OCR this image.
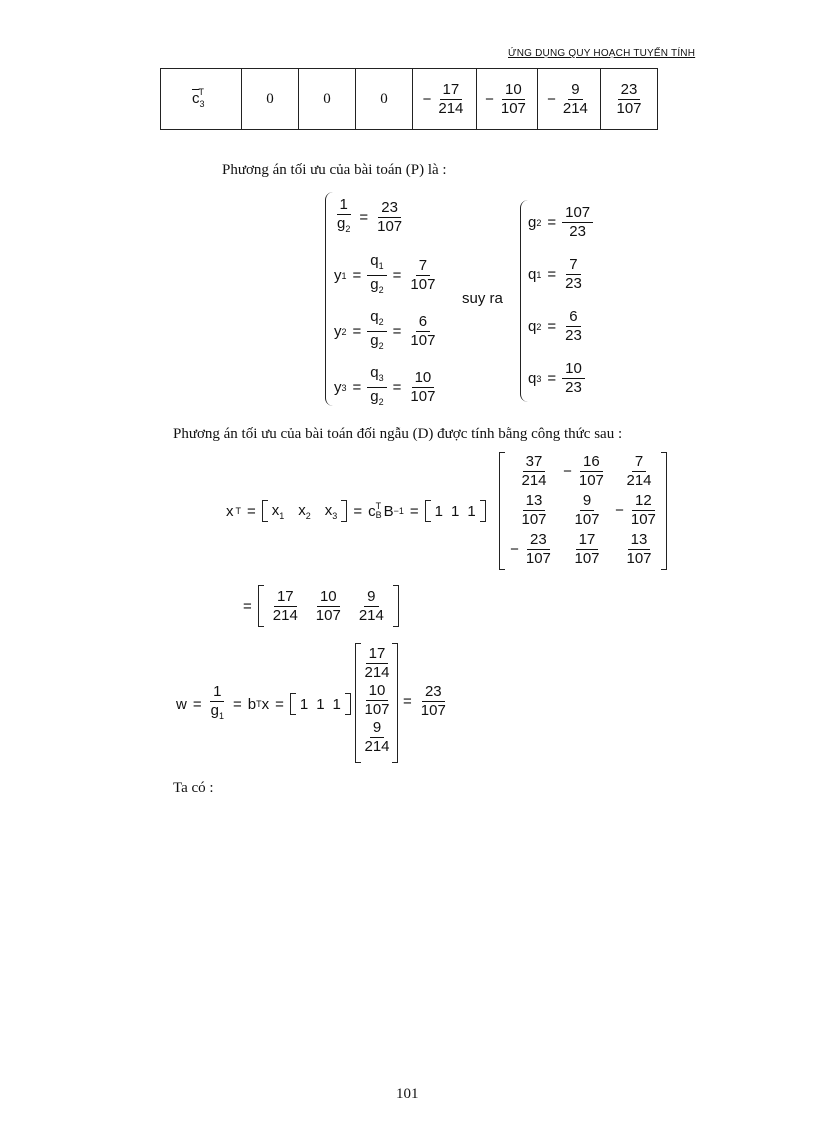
ỨNG DỤNG QUY HOẠCH TUYẾN TÍNH
$\overline{c}_3^T$	0	0	0	− $\frac{17}{214}$	− $\frac{10}{107}$	− $\frac{9}{214}$	$\frac{23}{107}$
Phương án tối ưu của bài toán (P) là :
$\frac{1}{g_2} = \frac{23}{107}$
y $1 = \frac{q_1}{g_2} = \frac{7}{107}$
y $2 = \frac{q_2}{g_2} = \frac{6}{107}$
y $3 = \frac{q_3}{g_2} = \frac{10}{107}$
suy ra
g $2 = \frac{107}{23}$
q $1 = \frac{7}{23}$
q $2 = \frac{6}{23}$
q $3 = \frac{10}{23}$
Phương án tối ưu của bài toán đối ngẫu (D) được tính bằng công thức sau :
x $T = x_1$ $x_2$ $x_3 = c$ T
B B −1 = 1 1 1
$\frac{37}{214} - \frac{16}{107} \frac{7}{214}$
$\frac{13}{107} \frac{9}{107} - \frac{12}{107}$
− $\frac{23}{107} \frac{17}{107} \frac{13}{107}$
= $\frac{17}{214} \frac{10}{107} \frac{9}{214}$
$w = \frac{1}{g_1} = b$ T x = 1 1 1
$\frac{17}{214}$
$\frac{10}{107}$
$\frac{9}{214}$
= $\frac{23}{107}$
Ta có :
101
